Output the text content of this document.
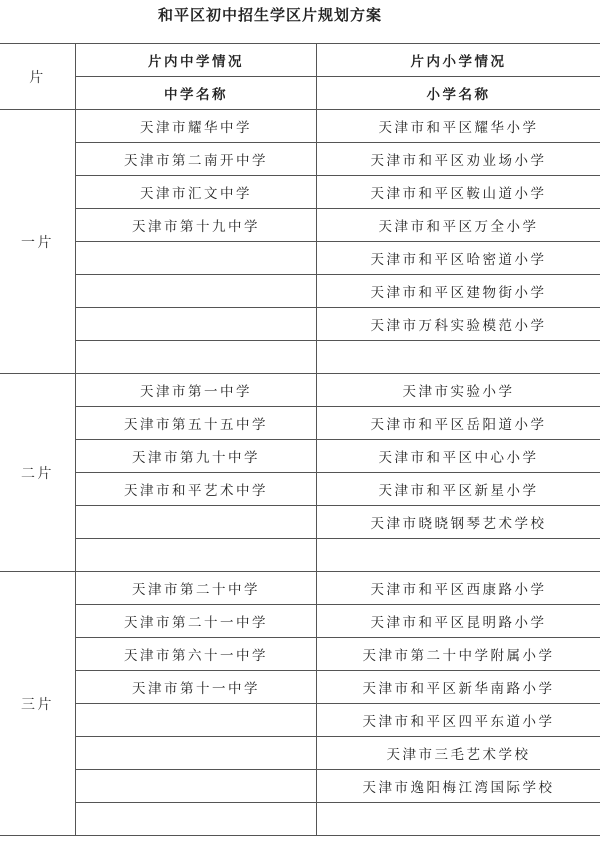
和平区初中招生学区片规划方案
片	片内中学情况	片内小学情况
	中学名称	小学名称
一片	天津市耀华中学	天津市和平区耀华小学
	天津市第二南开中学	天津市和平区劝业场小学
	天津市汇文中学	天津市和平区鞍山道小学
	天津市第十九中学	天津市和平区万全小学
		天津市和平区哈密道小学
		天津市和平区建物街小学
		天津市万科实验模范小学

二片	天津市第一中学	天津市实验小学
	天津市第五十五中学	天津市和平区岳阳道小学
	天津市第九十中学	天津市和平区中心小学
	天津市和平艺术中学	天津市和平区新星小学
		天津市晓晓钢琴艺术学校

三片	天津市第二十中学	天津市和平区西康路小学
	天津市第二十一中学	天津市和平区昆明路小学
	天津市第六十一中学	天津市第二十中学附属小学
	天津市第十一中学	天津市和平区新华南路小学
		天津市和平区四平东道小学
		天津市三毛艺术学校
		天津市逸阳梅江湾国际学校
